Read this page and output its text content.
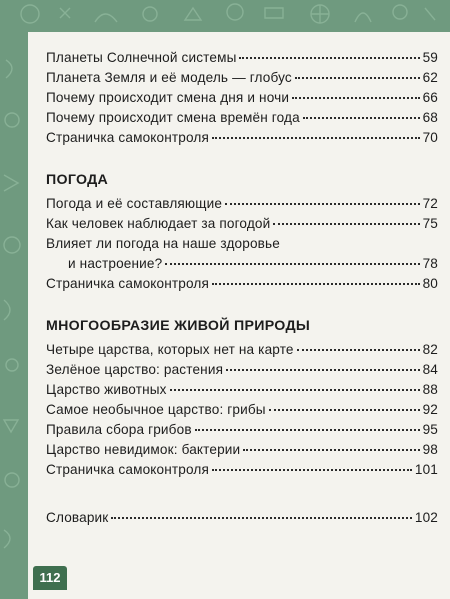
Планеты Солнечной системы	59
Планета Земля и её модель — глобус	62
Почему происходит смена дня и ночи	66
Почему происходит смена времён года	68
Страничка самоконтроля	70
ПОГОДА
Погода и её составляющие	72
Как человек наблюдает за погодой	75
Влияет ли погода на наше здоровье
и настроение?	78
Страничка самоконтроля	80
МНОГООБРАЗИЕ ЖИВОЙ ПРИРОДЫ
Четыре царства, которых нет на карте	82
Зелёное царство: растения	84
Царство животных	88
Самое необычное царство: грибы	92
Правила сбора грибов	95
Царство невидимок: бактерии	98
Страничка самоконтроля	101
Словарик	102
112
